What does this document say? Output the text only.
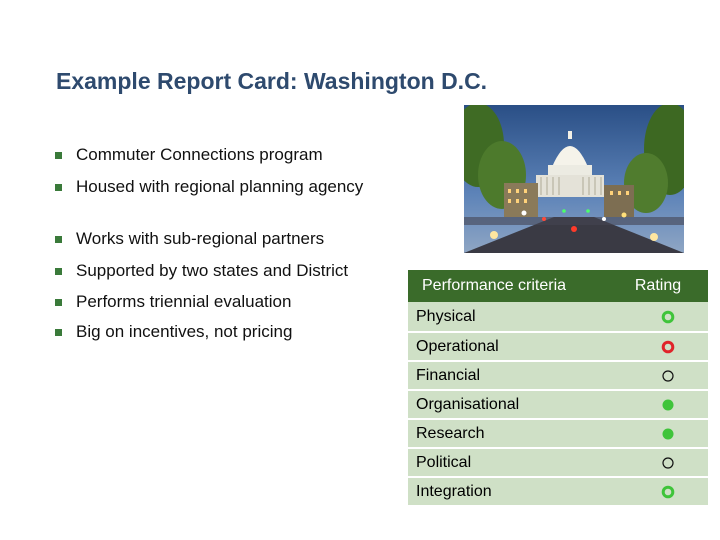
Example Report Card: Washington D.C.
Commuter Connections program
Housed with regional planning agency
Works with sub-regional partners
Supported by two states and District
Performs triennial evaluation
Big on incentives, not pricing
Performance criteria	Rating
Physical
Operational
Financial
Organisational
Research
Political
Integration
